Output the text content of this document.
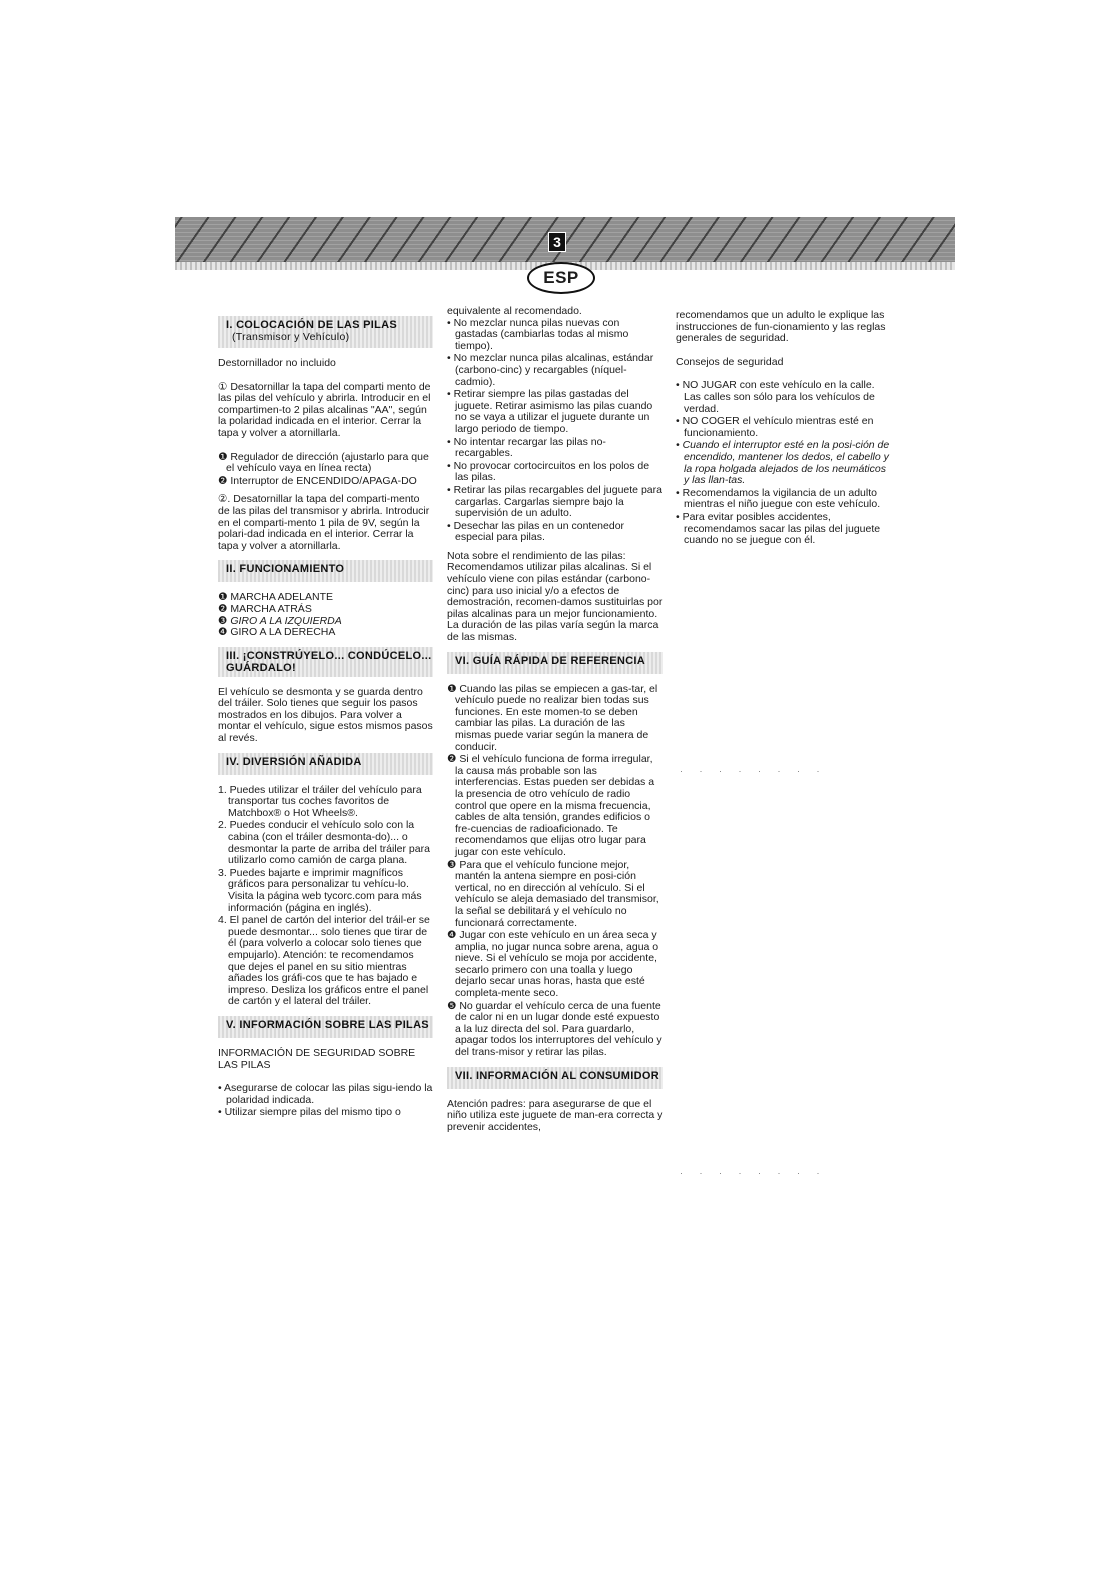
3
ESP
I. COLOCACIÓN DE LAS PILAS
(Transmisor y Vehículo)

Destornillador no incluido

① Desatornillar la tapa del comparti mento de las pilas del vehículo y abrirla. Introducir en el compartimen-to 2 pilas alcalinas "AA", según la polaridad indicada en el interior. Cerrar la tapa y volver a atornillarla.

❶ Regulador de dirección (ajustarlo para que el vehículo vaya en línea recta)

❷ Interruptor de ENCENDIDO/APAGA-DO

②. Desatornillar la tapa del comparti-mento de las pilas del transmisor y abrirla. Introducir en el comparti-mento 1 pila de 9V, según la polari-dad indicada en el interior. Cerrar la tapa y volver a atornillarla.

II. FUNCIONAMIENTO

❶ MARCHA ADELANTE

❷ MARCHA ATRÁS

❸ GIRO A LA IZQUIERDA

❹ GIRO A LA DERECHA

III. ¡CONSTRÚYELO... CONDÚCELO... GUÁRDALO!

El vehículo se desmonta y se guarda dentro del tráiler. Solo tienes que seguir los pasos mostrados en los dibujos. Para volver a montar el vehículo, sigue estos mismos pasos al revés.

IV. DIVERSIÓN AÑADIDA

1. Puedes utilizar el tráiler del vehículo para transportar tus coches favoritos de Matchbox® o Hot Wheels®.

2. Puedes conducir el vehículo solo con la cabina (con el tráiler desmonta-do)... o desmontar la parte de arriba del tráiler para utilizarlo como camión de carga plana.

3. Puedes bajarte e imprimir magníficos gráficos para personalizar tu vehícu-lo. Visita la página web tycorc.com para más información (página en inglés).

4. El panel de cartón del interior del tráil-er se puede desmontar... solo tienes que tirar de él (para volverlo a colocar solo tienes que empujarlo). Atención: te recomendamos que dejes el panel en su sitio mientras añades los gráfi-cos que te has bajado e impreso. Desliza los gráficos entre el panel de cartón y el lateral del tráiler.

V. INFORMACIÓN SOBRE LAS PILAS

INFORMACIÓN DE SEGURIDAD SOBRE LAS PILAS

• Asegurarse de colocar las pilas sigu-iendo la polaridad indicada.

• Utilizar siempre pilas del mismo tipo o

equivalente al recomendado.

• No mezclar nunca pilas nuevas con gastadas (cambiarlas todas al mismo tiempo).

• No mezclar nunca pilas alcalinas, estándar (carbono-cinc) y recargables (níquel-cadmio).

• Retirar siempre las pilas gastadas del juguete. Retirar asimismo las pilas cuando no se vaya a utilizar el juguete durante un largo periodo de tiempo.

• No intentar recargar las pilas no-recargables.

• No provocar cortocircuitos en los polos de las pilas.

• Retirar las pilas recargables del juguete para cargarlas. Cargarlas siempre bajo la supervisión de un adulto.

• Desechar las pilas en un contenedor especial para pilas.

Nota sobre el rendimiento de las pilas: Recomendamos utilizar pilas alcalinas. Si el vehículo viene con pilas estándar (carbono-cinc) para uso inicial y/o a efectos de demostración, recomen-damos sustituirlas por pilas alcalinas para un mejor funcionamiento. La duración de las pilas varía según la marca de las mismas.

VI. GUÍA RÁPIDA DE REFERENCIA

❶ Cuando las pilas se empiecen a gas-tar, el vehículo puede no realizar bien todas sus funciones. En este momen-to se deben cambiar las pilas. La duración de las mismas puede variar según la manera de conducir.

❷ Si el vehículo funciona de forma irregular, la causa más probable son las interferencias. Estas pueden ser debidas a la presencia de otro vehículo de radio control que opere en la misma frecuencia, cables de alta tensión, grandes edificios o fre-cuencias de radioaficionado. Te recomendamos que elijas otro lugar para jugar con este vehículo.

❸ Para que el vehículo funcione mejor, mantén la antena siempre en posi-ción vertical, no en dirección al vehículo. Si el vehículo se aleja demasiado del transmisor, la señal se debilitará y el vehículo no funcionará correctamente.

❹ Jugar con este vehículo en un área seca y amplia, no jugar nunca sobre arena, agua o nieve. Si el vehículo se moja por accidente, secarlo primero con una toalla y luego dejarlo secar unas horas, hasta que esté completa-mente seco.

❺ No guardar el vehículo cerca de una fuente de calor ni en un lugar donde esté expuesto a la luz directa del sol. Para guardarlo, apagar todos los interruptores del vehículo y del trans-misor y retirar las pilas.

VII. INFORMACIÓN AL CONSUMIDOR

Atención padres: para asegurarse de que el niño utiliza este juguete de man-era correcta y prevenir accidentes,

recomendamos que un adulto le explique las instrucciones de fun-cionamiento y las reglas generales de seguridad.

Consejos de seguridad

• NO JUGAR con este vehículo en la calle. Las calles son sólo para los vehículos de verdad.

• NO COGER el vehículo mientras esté en funcionamiento.

• Cuando el interruptor esté en la posi-ción de encendido, mantener los dedos, el cabello y la ropa holgada alejados de los neumáticos y las llan-tas.

• Recomendamos la vigilancia de un adulto mientras el niño juegue con este vehículo.

• Para evitar posibles accidentes, recomendamos sacar las pilas del juguete cuando no se juegue con él.

· · · · · · · ·
· · · · · · · ·
